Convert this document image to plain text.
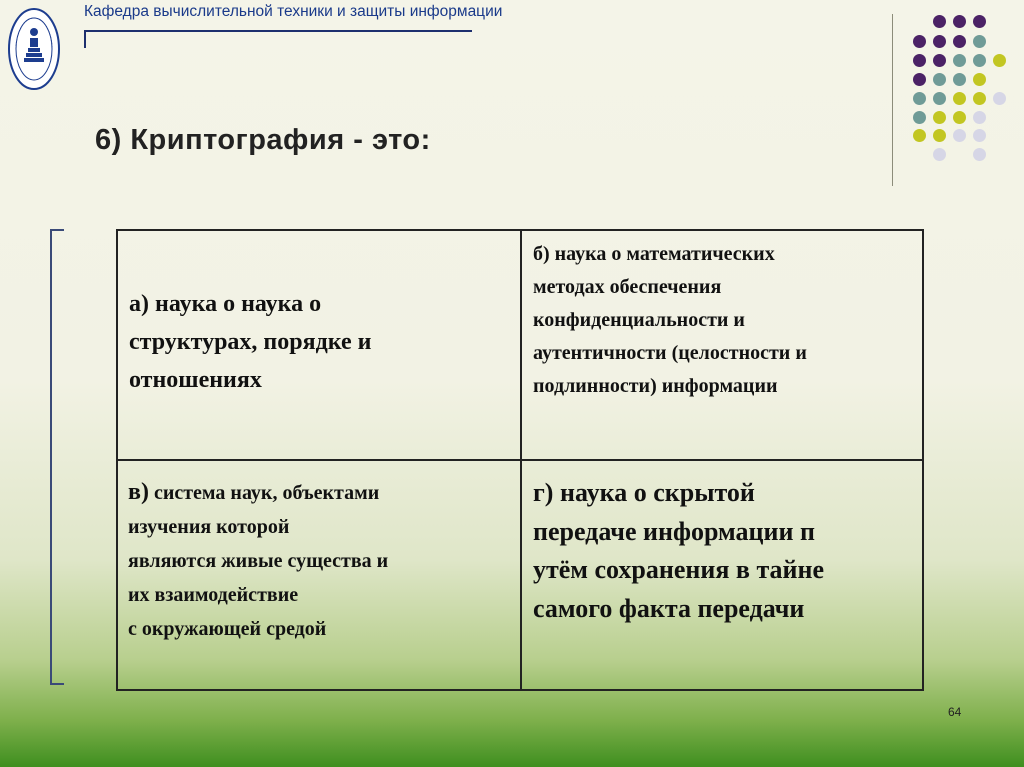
Кафедра вычислительной техники и защиты информации
6) Криптография - это:
а) наука о наука о
структурах, порядке и
отношениях
б) наука о математических
методах обеспечения
конфиденциальности и
аутентичности (целостности и
подлинности) информации
в) система наук, объектами
изучения которой
являются живые существа и
их взаимодействие
с окружающей средой
г) наука о скрытой
передаче информации п
утём сохранения в тайне
самого факта передачи
64
